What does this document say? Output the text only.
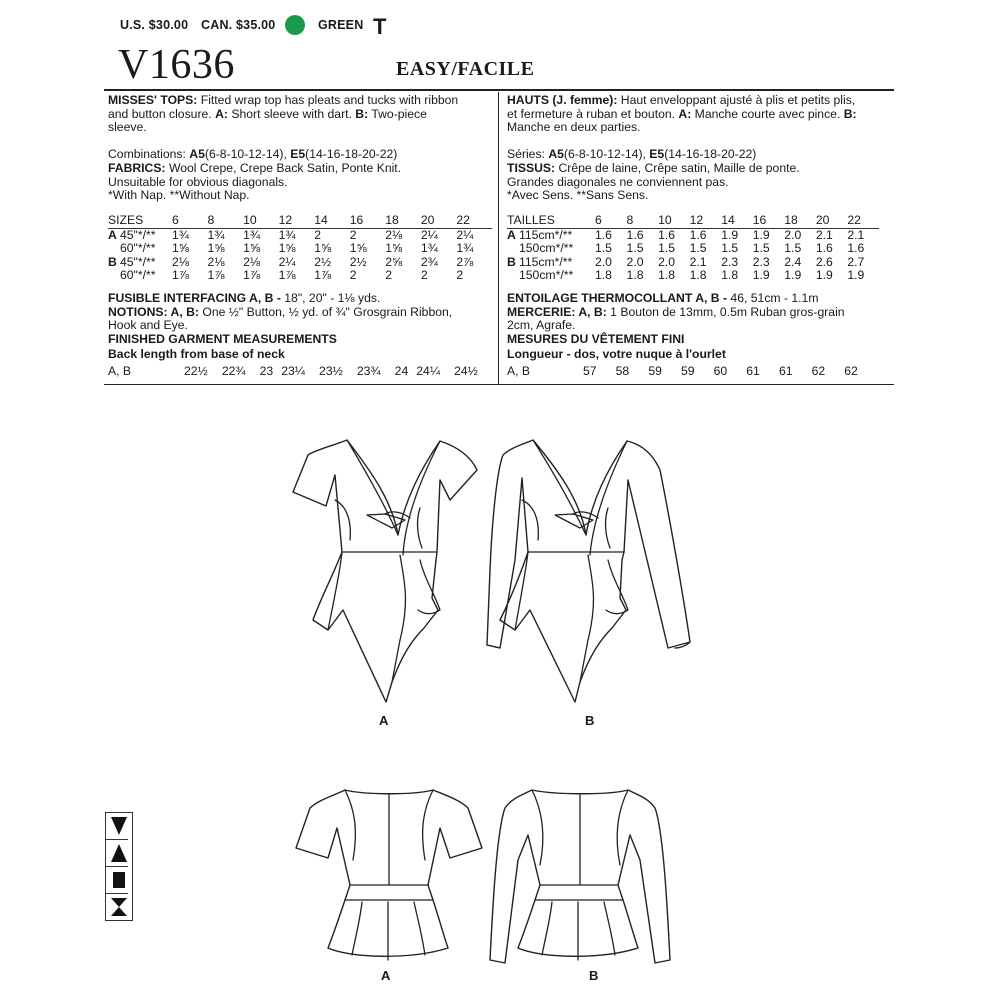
U.S. $30.00 CAN. $35.00	GREEN T
V1636	EASY/FACILE

MISSES' TOPS: Fitted wrap top has pleats and tucks with ribbon

and button closure. A: Short sleeve with dart. B: Two-piece

sleeve.

Combinations: A5(6-8-10-12-14), E5(14-16-18-20-22)

FABRICS: Wool Crepe, Crepe Back Satin, Ponte Knit.

Unsuitable for obvious diagonals.

*With Nap. **Without Nap.

SIZES		6	8	10	12	14	16	18	20	22
A	45"*/**	1¾	1¾	1¾	1¾	2	2	2⅛	2¼	2¼
	60"*/**	1⅝	1⅝	1⅝	1⅝	1⅝	1⅝	1⅝	1¾	1¾
B	45"*/**	2⅛	2⅛	2⅛	2¼	2½	2½	2⅝	2¾	2⅞
	60"*/**	1⅞	1⅞	1⅞	1⅞	1⅞	2	2	2	2

FUSIBLE INTERFACING A, B - 18", 20" - 1⅛ yds.

NOTIONS: A, B: One ½" Button, ½ yd. of ¾" Grosgrain Ribbon,

Hook and Eye.

FINISHED GARMENT MEASUREMENTS

Back length from base of neck

A, B	22½	22¾	23	23¼	23½	23¾	24	24¼	24½

HAUTS (J. femme): Haut enveloppant ajusté à plis et petits plis,

et fermeture à ruban et bouton. A: Manche courte avec pince. B:

Manche en deux parties.

Séries: A5(6-8-10-12-14), E5(14-16-18-20-22)

TISSUS: Crêpe de laine, Crêpe satin, Maille de ponte.

Grandes diagonales ne conviennent pas.

*Avec Sens. **Sans Sens.

TAILLES		6	8	10	12	14	16	18	20	22
A	115cm*/**	1.6	1.6	1.6	1.6	1.9	1.9	2.0	2.1	2.1
	150cm*/**	1.5	1.5	1.5	1.5	1.5	1.5	1.5	1.6	1.6
B	115cm*/**	2.0	2.0	2.0	2.1	2.3	2.3	2.4	2.6	2.7
	150cm*/**	1.8	1.8	1.8	1.8	1.8	1.9	1.9	1.9	1.9

ENTOILAGE THERMOCOLLANT A, B - 46, 51cm - 1.1m

MERCERIE: A, B: 1 Bouton de 13mm, 0.5m Ruban gros-grain

2cm, Agrafe.

MESURES DU VÊTEMENT FINI

Longueur - dos, votre nuque à l'ourlet

A, B	57	58	59	59	60	61	61	62	62
A	B
A	B
